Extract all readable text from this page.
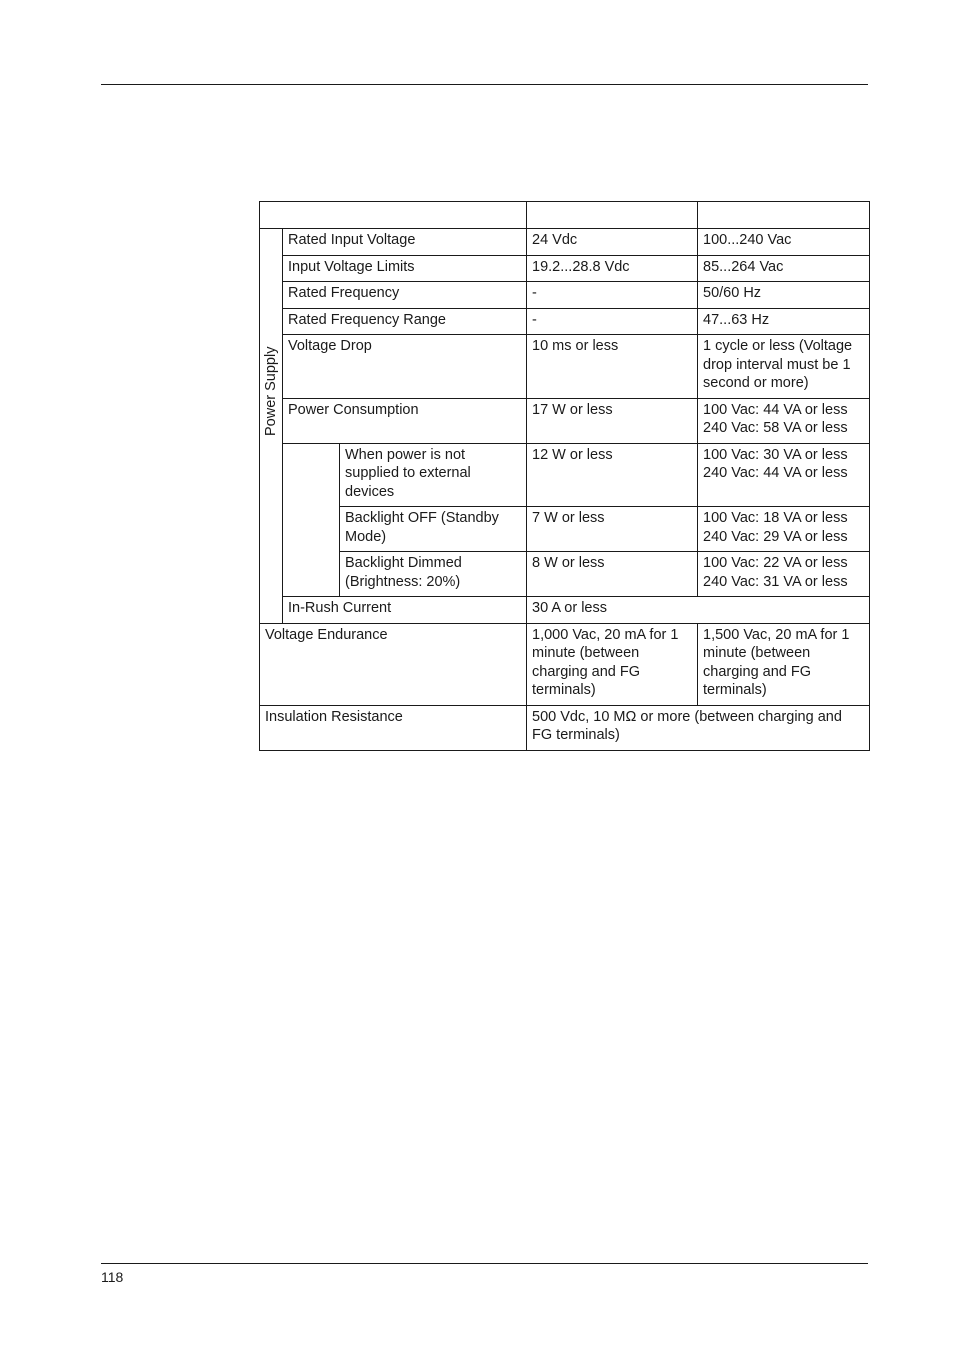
Power Supply	Rated Input Voltage		24 Vdc	100...240 Vac
	Input Voltage Limits		19.2...28.8 Vdc	85...264 Vac
	Rated Frequency		-	50/60 Hz
	Rated Frequency Range		-	47...63 Hz
	Voltage Drop		10 ms or less	1 cycle or less (Voltage drop interval must be 1 second or more)
	Power Consumption		17 W or less	100 Vac: 44 VA or less
240 Vac: 58 VA or less

		When power is not supplied to external devices	12 W or less	100 Vac: 30 VA or less
240 Vac: 44 VA or less

		Backlight OFF (Standby Mode)	7 W or less	100 Vac: 18 VA or less
240 Vac: 29 VA or less

		Backlight Dimmed (Brightness: 20%)	8 W or less	100 Vac: 22 VA or less
240 Vac: 31 VA or less

	In-Rush Current		30 A or less	
Voltage Endurance			1,000 Vac, 20 mA for 1 minute (between charging and FG terminals)	1,500 Vac, 20 mA for 1 minute (between charging and FG terminals)
Insulation Resistance			500 Vdc, 10 MΩ or more (between charging and FG terminals)	
118
